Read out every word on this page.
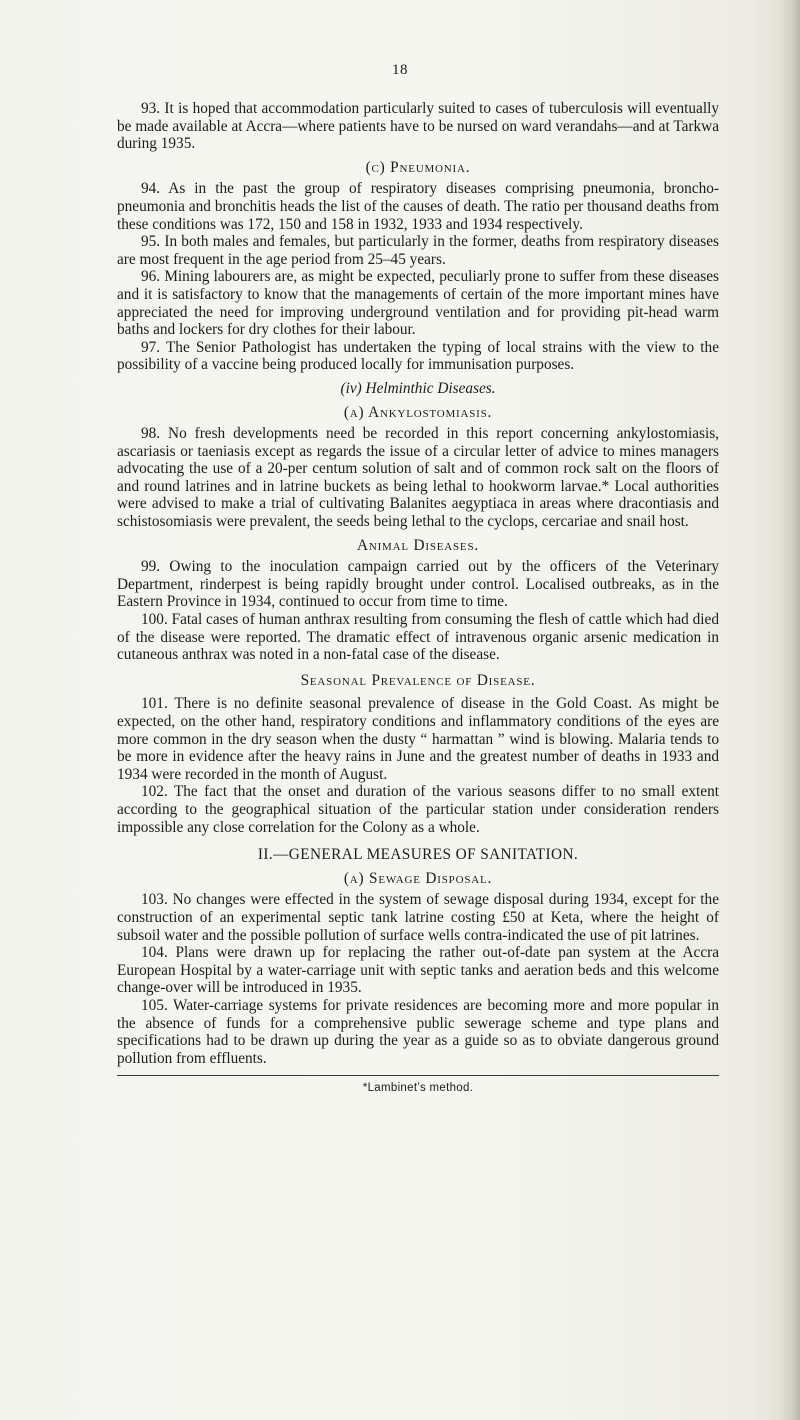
18

93. It is hoped that accommodation particularly suited to cases of tuberculosis will eventually be made available at Accra—where patients have to be nursed on ward verandahs—and at Tarkwa during 1935.

(c) Pneumonia.

94. As in the past the group of respiratory diseases comprising pneumonia, broncho-pneumonia and bronchitis heads the list of the causes of death. The ratio per thousand deaths from these conditions was 172, 150 and 158 in 1932, 1933 and 1934 respectively.

95. In both males and females, but particularly in the former, deaths from respiratory diseases are most frequent in the age period from 25–45 years.

96. Mining labourers are, as might be expected, peculiarly prone to suffer from these diseases and it is satisfactory to know that the managements of certain of the more important mines have appreciated the need for improving underground ventilation and for providing pit-head warm baths and lockers for dry clothes for their labour.

97. The Senior Pathologist has undertaken the typing of local strains with the view to the possibility of a vaccine being produced locally for immunisation purposes.

(iv) Helminthic Diseases.

(a) Ankylostomiasis.

98. No fresh developments need be recorded in this report concerning ankylostomiasis, ascariasis or taeniasis except as regards the issue of a circular letter of advice to mines managers advocating the use of a 20-per centum solution of salt and of common rock salt on the floors of and round latrines and in latrine buckets as being lethal to hookworm larvae.* Local authorities were advised to make a trial of cultivating Balanites aegyptiaca in areas where dracontiasis and schistosomiasis were prevalent, the seeds being lethal to the cyclops, cercariae and snail host.

Animal Diseases.

99. Owing to the inoculation campaign carried out by the officers of the Veterinary Department, rinderpest is being rapidly brought under control. Localised outbreaks, as in the Eastern Province in 1934, continued to occur from time to time.

100. Fatal cases of human anthrax resulting from consuming the flesh of cattle which had died of the disease were reported. The dramatic effect of intravenous organic arsenic medication in cutaneous anthrax was noted in a non-fatal case of the disease.

Seasonal Prevalence of Disease.

101. There is no definite seasonal prevalence of disease in the Gold Coast. As might be expected, on the other hand, respiratory conditions and inflammatory conditions of the eyes are more common in the dry season when the dusty “ harmattan ” wind is blowing. Malaria tends to be more in evidence after the heavy rains in June and the greatest number of deaths in 1933 and 1934 were recorded in the month of August.

102. The fact that the onset and duration of the various seasons differ to no small extent according to the geographical situation of the particular station under consideration renders impossible any close correlation for the Colony as a whole.

II.—GENERAL MEASURES OF SANITATION.

(a) Sewage Disposal.

103. No changes were effected in the system of sewage disposal during 1934, except for the construction of an experimental septic tank latrine costing £50 at Keta, where the height of subsoil water and the possible pollution of surface wells contra-indicated the use of pit latrines.

104. Plans were drawn up for replacing the rather out-of-date pan system at the Accra European Hospital by a water-carriage unit with septic tanks and aeration beds and this welcome change-over will be introduced in 1935.

105. Water-carriage systems for private residences are becoming more and more popular in the absence of funds for a comprehensive public sewerage scheme and type plans and specifications had to be drawn up during the year as a guide so as to obviate dangerous ground pollution from effluents.

*Lambinet’s method.
